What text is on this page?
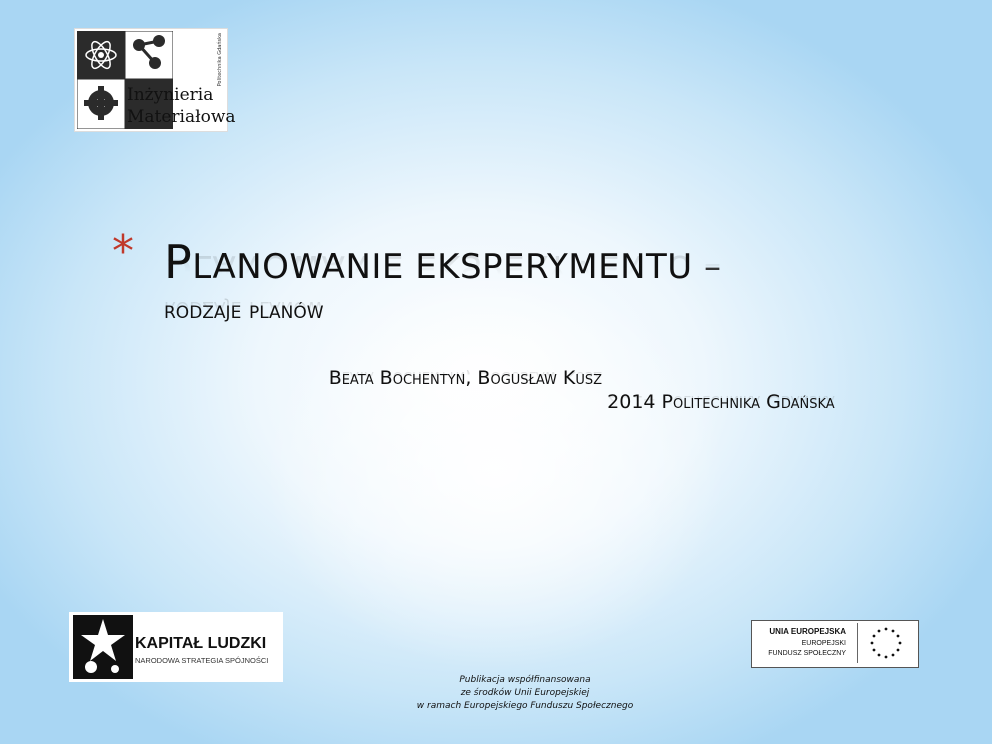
Politechnika Gdańska
Inżynieria
Materiałowa
* P PLANOWANIE EKSPERYMENTU LANOWANIE EKSPERYMENTU – –

rodzaje planów rodzaje planów

Beata Bochentyn, Bogusław Kusz Beata Bochentyn, Bogusław Kusz

2014 Politechnika Gdańska 2014 Politechnika Gdańska

KAPITAŁ LUDZKI
NARODOWA STRATEGIA SPÓJNOŚCI
UNIA EUROPEJSKA
EUROPEJSKI
FUNDUSZ SPOŁECZNY
Publikacja współfinansowana
ze środków Unii Europejskiej
w ramach Europejskiego Funduszu Społecznego
